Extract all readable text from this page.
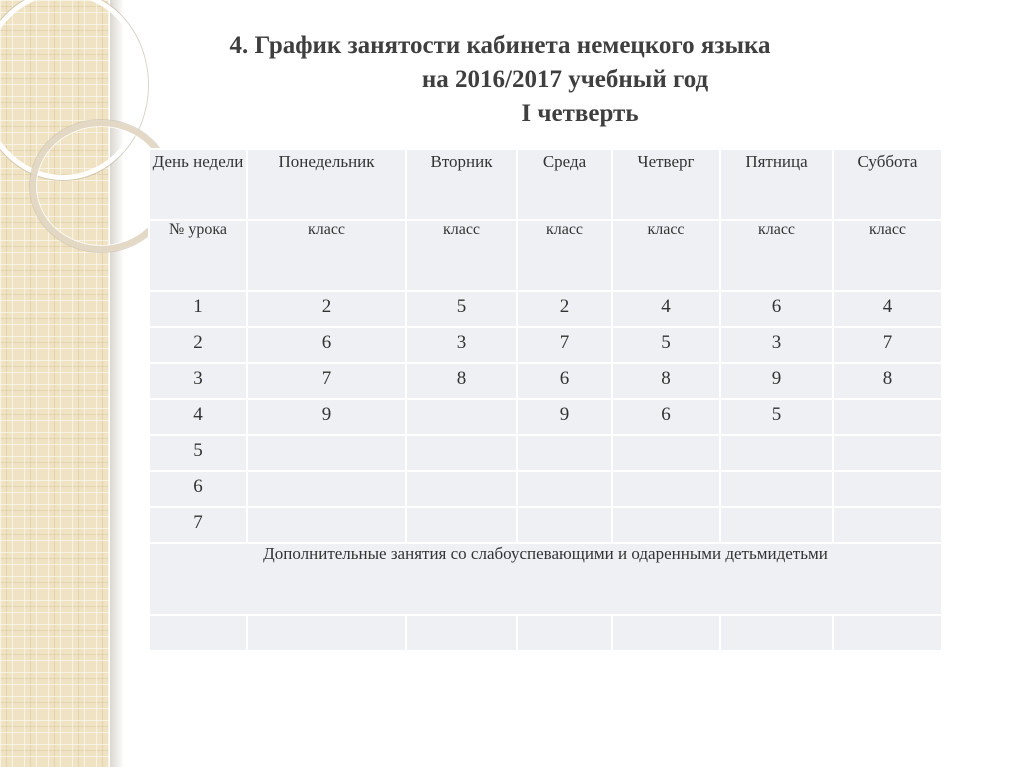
4. График занятости кабинета немецкого языка
на 2016/2017 учебный год
I четверть
День недели	Понедельник	Вторник	Среда	Четверг	Пятница	Суббота
№ урока	класс	класс	класс	класс	класс	класс
1	2	5	2	4	6	4
2	6	3	7	5	3	7
3	7	8	6	8	9	8
4	9		9	6	5	
5						
6						
7						
Дополнительные занятия со слабоуспевающими и одаренными детьмидетьми						
